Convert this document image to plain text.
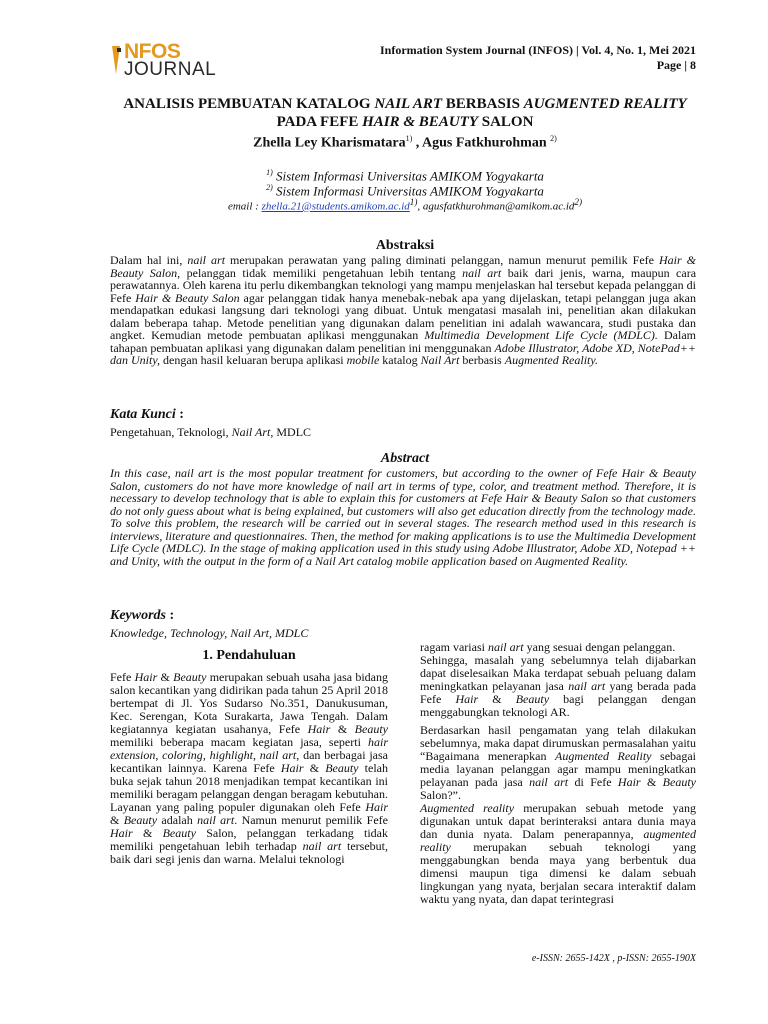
NFOS
JOURNAL
Information System Journal (INFOS) | Vol. 4, No. 1, Mei 2021
Page | 8
ANALISIS PEMBUATAN KATALOG NAIL ART BERBASIS AUGMENTED REALITY PADA FEFE HAIR & BEAUTY SALON
Zhella Ley Kharismatara$^{1)}$ , Agus Fatkhurohman $^{2)}$
$^{1)}$ Sistem Informasi Universitas AMIKOM Yogyakarta
$^{2)}$ Sistem Informasi Universitas AMIKOM Yogyakarta
email : $zhella.21@students.amikom.ac.id^{1)}$, $agusfatkhurohman@amikom.ac.id^{2)}$
Abstraksi
Dalam hal ini, nail art merupakan perawatan yang paling diminati pelanggan, namun menurut pemilik Fefe Hair & Beauty Salon, pelanggan tidak memiliki pengetahuan lebih tentang nail art baik dari jenis, warna, maupun cara perawatannya. Oleh karena itu perlu dikembangkan teknologi yang mampu menjelaskan hal tersebut kepada pelanggan di Fefe Hair & Beauty Salon agar pelanggan tidak hanya menebak-nebak apa yang dijelaskan, tetapi pelanggan juga akan mendapatkan edukasi langsung dari teknologi yang dibuat. Untuk mengatasi masalah ini, penelitian akan dilakukan dalam beberapa tahap. Metode penelitian yang digunakan dalam penelitian ini adalah wawancara, studi pustaka dan angket. Kemudian metode pembuatan aplikasi menggunakan Multimedia Development Life Cycle (MDLC). Dalam tahapan pembuatan aplikasi yang digunakan dalam penelitian ini menggunakan Adobe Illustrator, Adobe XD, NotePad++ dan Unity, dengan hasil keluaran berupa aplikasi mobile katalog Nail Art berbasis Augmented Reality.
Kata Kunci :
Pengetahuan, Teknologi, Nail Art, MDLC
Abstract
In this case, nail art is the most popular treatment for customers, but according to the owner of Fefe Hair & Beauty Salon, customers do not have more knowledge of nail art in terms of type, color, and treatment method. Therefore, it is necessary to develop technology that is able to explain this for customers at Fefe Hair & Beauty Salon so that customers do not only guess about what is being explained, but customers will also get education directly from the technology made. To solve this problem, the research will be carried out in several stages. The research method used in this research is interviews, literature and questionnaires. Then, the method for making applications is to use the Multimedia Development Life Cycle (MDLC). In the stage of making application used in this study using Adobe Illustrator, Adobe XD, Notepad ++ and Unity, with the output in the form of a Nail Art catalog mobile application based on Augmented Reality.
Keywords :
Knowledge, Technology, Nail Art, MDLC
1. Pendahuluan
Fefe Hair & Beauty merupakan sebuah usaha jasa bidang salon kecantikan yang didirikan pada tahun 25 April 2018 bertempat di Jl. Yos Sudarso No.351, Danukusuman, Kec. Serengan, Kota Surakarta, Jawa Tengah. Dalam kegiatannya kegiatan usahanya, Fefe Hair & Beauty memiliki beberapa macam kegiatan jasa, seperti hair extension, coloring, highlight, nail art, dan berbagai jasa kecantikan lainnya. Karena Fefe Hair & Beauty telah buka sejak tahun 2018 menjadikan tempat kecantikan ini memiliki beragam pelanggan dengan beragam kebutuhan. Layanan yang paling populer digunakan oleh Fefe Hair & Beauty adalah nail art. Namun menurut pemilik Fefe Hair & Beauty Salon, pelanggan terkadang tidak memiliki pengetahuan lebih terhadap nail art tersebut, baik dari segi jenis dan warna. Melalui teknologi
ragam variasi nail art yang sesuai dengan pelanggan.
Sehingga, masalah yang sebelumnya telah dijabarkan dapat diselesaikan Maka terdapat sebuah peluang dalam meningkatkan pelayanan jasa nail art yang berada pada Fefe Hair & Beauty bagi pelanggan dengan menggabungkan teknologi AR.
Berdasarkan hasil pengamatan yang telah dilakukan sebelumnya, maka dapat dirumuskan permasalahan yaitu “Bagaimana menerapkan Augmented Reality sebagai media layanan pelanggan agar mampu meningkatkan pelayanan pada jasa nail art di Fefe Hair & Beauty Salon?”.
Augmented reality merupakan sebuah metode yang digunakan untuk dapat berinteraksi antara dunia maya dan dunia nyata. Dalam penerapannya, augmented reality merupakan sebuah teknologi yang menggabungkan benda maya yang berbentuk dua dimensi maupun tiga dimensi ke dalam sebuah lingkungan yang nyata, berjalan secara interaktif dalam waktu yang nyata, dan dapat terintegrasi
e-ISSN: 2655-142X , p-ISSN: 2655-190X
